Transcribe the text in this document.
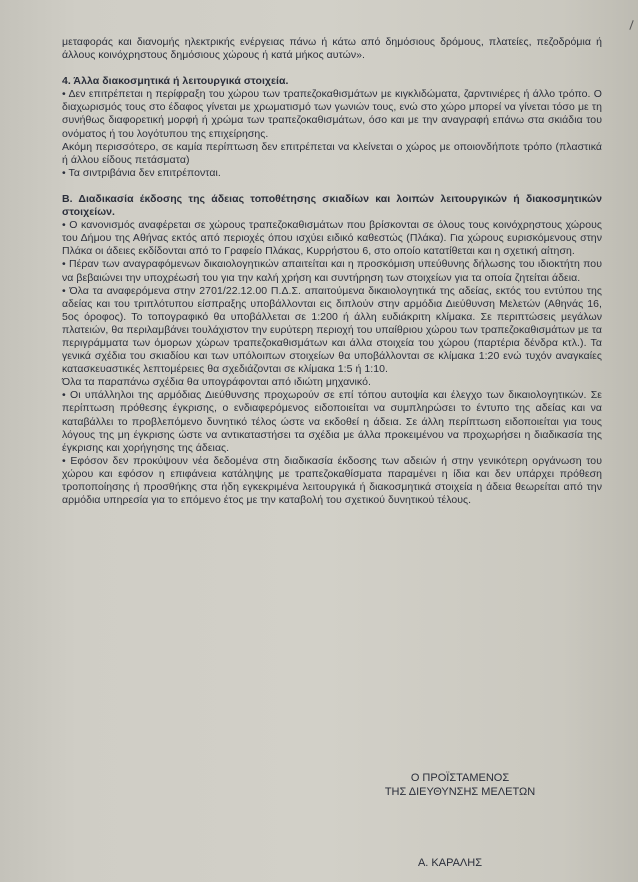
μεταφοράς και διανομής ηλεκτρικής ενέργειας πάνω ή κάτω από δημόσιους δρόμους, πλατείες, πεζοδρόμια ή άλλους κοινόχρηστους δημόσιους χώρους ή κατά μήκος αυτών».

4. Άλλα διακοσμητικά ή λειτουργικά στοιχεία.

• Δεν επιτρέπεται η περίφραξη του χώρου των τραπεζοκαθισμάτων με κιγκλιδώματα, ζαρντινιέρες ή άλλο τρόπο. Ο διαχωρισμός τους στο έδαφος γίνεται με χρωματισμό των γωνιών τους, ενώ στο χώρο μπορεί να γίνεται τόσο με τη συνήθως διαφορετική μορφή ή χρώμα των τραπεζοκαθισμάτων, όσο και με την αναγραφή επάνω στα σκιάδια του ονόματος ή του λογότυπου της επιχείρησης.

Ακόμη περισσότερο, σε καμία περίπτωση δεν επιτρέπεται να κλείνεται ο χώρος με οποιονδήποτε τρόπο (πλαστικά ή άλλου είδους πετάσματα)

• Τα σιντριβάνια δεν επιτρέπονται.

Β. Διαδικασία έκδοσης της άδειας τοποθέτησης σκιαδίων και λοιπών λειτουργικών ή διακοσμητικών στοιχείων.

• Ο κανονισμός αναφέρεται σε χώρους τραπεζοκαθισμάτων που βρίσκονται σε όλους τους κοινόχρηστους χώρους του Δήμου της Αθήνας εκτός από περιοχές όπου ισχύει ειδικό καθεστώς (Πλάκα). Για χώρους ευρισκόμενους στην Πλάκα οι άδειες εκδίδονται από το Γραφείο Πλάκας, Κυρρήστου 6, στο οποίο κατατίθεται και η σχετική αίτηση.

• Πέραν των αναγραφόμενων δικαιολογητικών απαιτείται και η προσκόμιση υπεύθυνης δήλωσης του ιδιοκτήτη που να βεβαιώνει την υποχρέωσή του για την καλή χρήση και συντήρηση των στοιχείων για τα οποία ζητείται άδεια.

• Όλα τα αναφερόμενα στην 2701/22.12.00 Π.Δ.Σ. απαιτούμενα δικαιολογητικά της αδείας, εκτός του εντύπου της αδείας και του τριπλότυπου είσπραξης υποβάλλονται εις διπλούν στην αρμόδια Διεύθυνση Μελετών (Αθηνάς 16, 5ος όροφος). Το τοπογραφικό θα υποβάλλεται σε 1:200 ή άλλη ευδιάκριτη κλίμακα. Σε περιπτώσεις μεγάλων πλατειών, θα περιλαμβάνει τουλάχιστον την ευρύτερη περιοχή του υπαίθριου χώρου των τραπεζοκαθισμάτων με τα περιγράμματα των όμορων χώρων τραπεζοκαθισμάτων και άλλα στοιχεία του χώρου (παρτέρια δένδρα κτλ.). Τα γενικά σχέδια του σκιαδίου και των υπόλοιπων στοιχείων θα υποβάλλονται σε κλίμακα 1:20 ενώ τυχόν αναγκαίες κατασκευαστικές λεπτομέρειες θα σχεδιάζονται σε κλίμακα 1:5 ή 1:10.

Όλα τα παραπάνω σχέδια θα υπογράφονται από ιδιώτη μηχανικό.

• Οι υπάλληλοι της αρμόδιας Διεύθυνσης προχωρούν σε επί τόπου αυτοψία και έλεγχο των δικαιολογητικών. Σε περίπτωση πρόθεσης έγκρισης, ο ενδιαφερόμενος ειδοποιείται να συμπληρώσει το έντυπο της αδείας και να καταβάλλει το προβλεπόμενο δυνητικό τέλος ώστε να εκδοθεί η άδεια. Σε άλλη περίπτωση ειδοποιείται για τους λόγους της μη έγκρισης ώστε να αντικαταστήσει τα σχέδια με άλλα προκειμένου να προχωρήσει η διαδικασία της έγκρισης και χορήγησης της άδειας.

• Εφόσον δεν προκύψουν νέα δεδομένα στη διαδικασία έκδοσης των αδειών ή στην γενικότερη οργάνωση του χώρου και εφόσον η επιφάνεια κατάληψης με τραπεζοκαθίσματα παραμένει η ίδια και δεν υπάρχει πρόθεση τροποποίησης ή προσθήκης στα ήδη εγκεκριμένα λειτουργικά ή διακοσμητικά στοιχεία η άδεια θεωρείται από την αρμόδια υπηρεσία για το επόμενο έτος με την καταβολή του σχετικού δυνητικού τέλους.

Ο ΠΡΟΪΣΤΑΜΕΝΟΣ
ΤΗΣ ΔΙΕΥΘΥΝΣΗΣ ΜΕΛΕΤΩΝ
Α. ΚΑΡΑΛΗΣ
